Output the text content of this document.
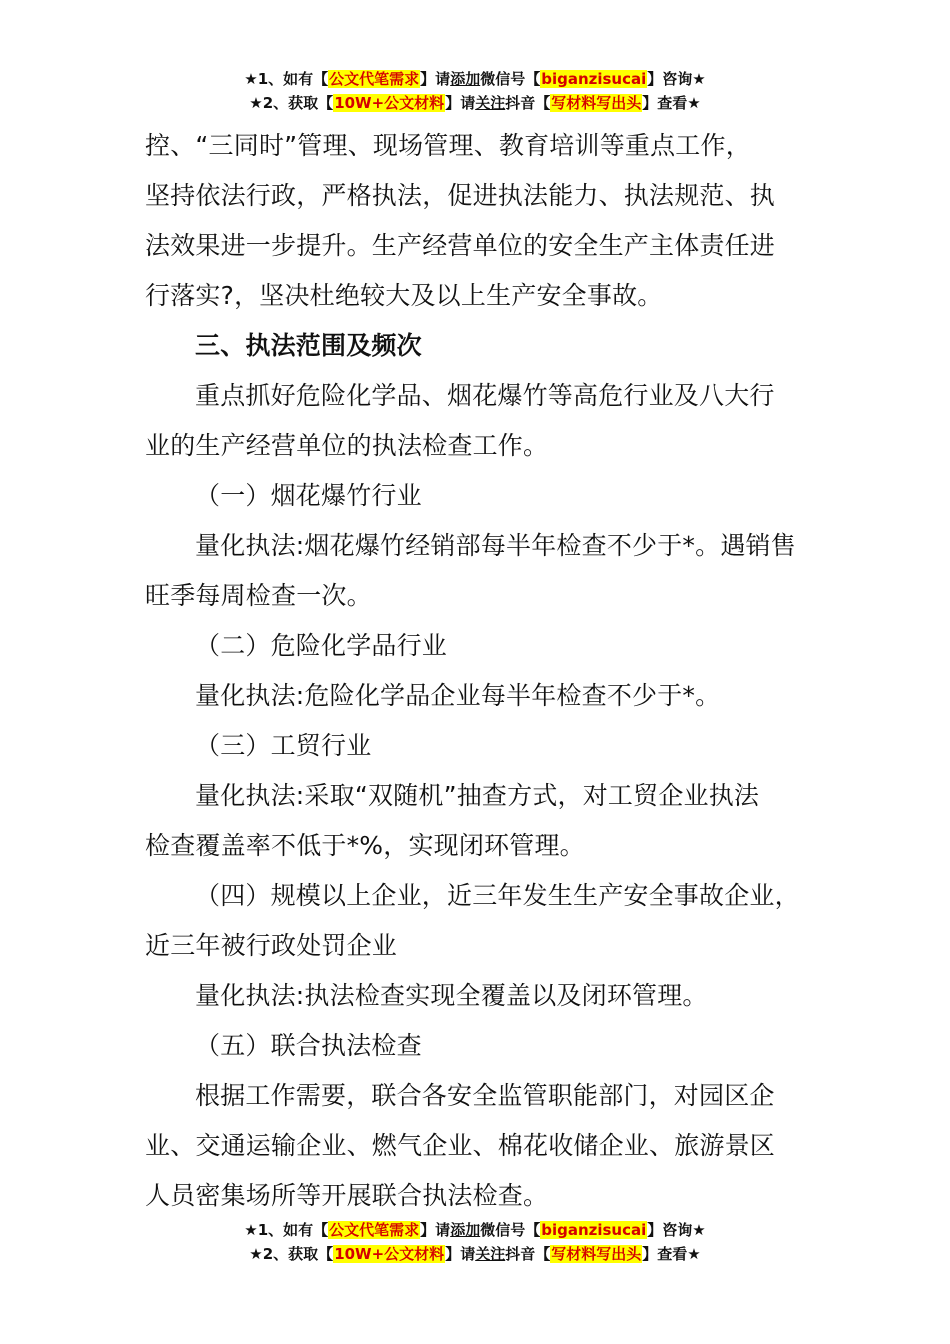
★1、如有【公文代笔需求】请添加微信号【biganzisucai】咨询★
★2、获取【10W+公文材料】请关注抖音【写材料写出头】查看★
控、“三同时”管理、现场管理、教育培训等重点工作，
坚持依法行政，严格执法，促进执法能力、执法规范、执
法效果进一步提升。生产经营单位的安全生产主体责任进
行落实?，坚决杜绝较大及以上生产安全事故。
三、执法范围及频次
重点抓好危险化学品、烟花爆竹等高危行业及八大行
业的生产经营单位的执法检查工作。
（一）烟花爆竹行业
量化执法:烟花爆竹经销部每半年检查不少于*。遇销售
旺季每周检查一次。
（二）危险化学品行业
量化执法:危险化学品企业每半年检查不少于*。
（三）工贸行业
量化执法:采取“双随机”抽查方式，对工贸企业执法
检查覆盖率不低于*%，实现闭环管理。
（四）规模以上企业，近三年发生生产安全事故企业，
近三年被行政处罚企业
量化执法:执法检查实现全覆盖以及闭环管理。
（五）联合执法检查
根据工作需要，联合各安全监管职能部门，对园区企
业、交通运输企业、燃气企业、棉花收储企业、旅游景区
人员密集场所等开展联合执法检查。
★1、如有【公文代笔需求】请添加微信号【biganzisucai】咨询★
★2、获取【10W+公文材料】请关注抖音【写材料写出头】查看★
